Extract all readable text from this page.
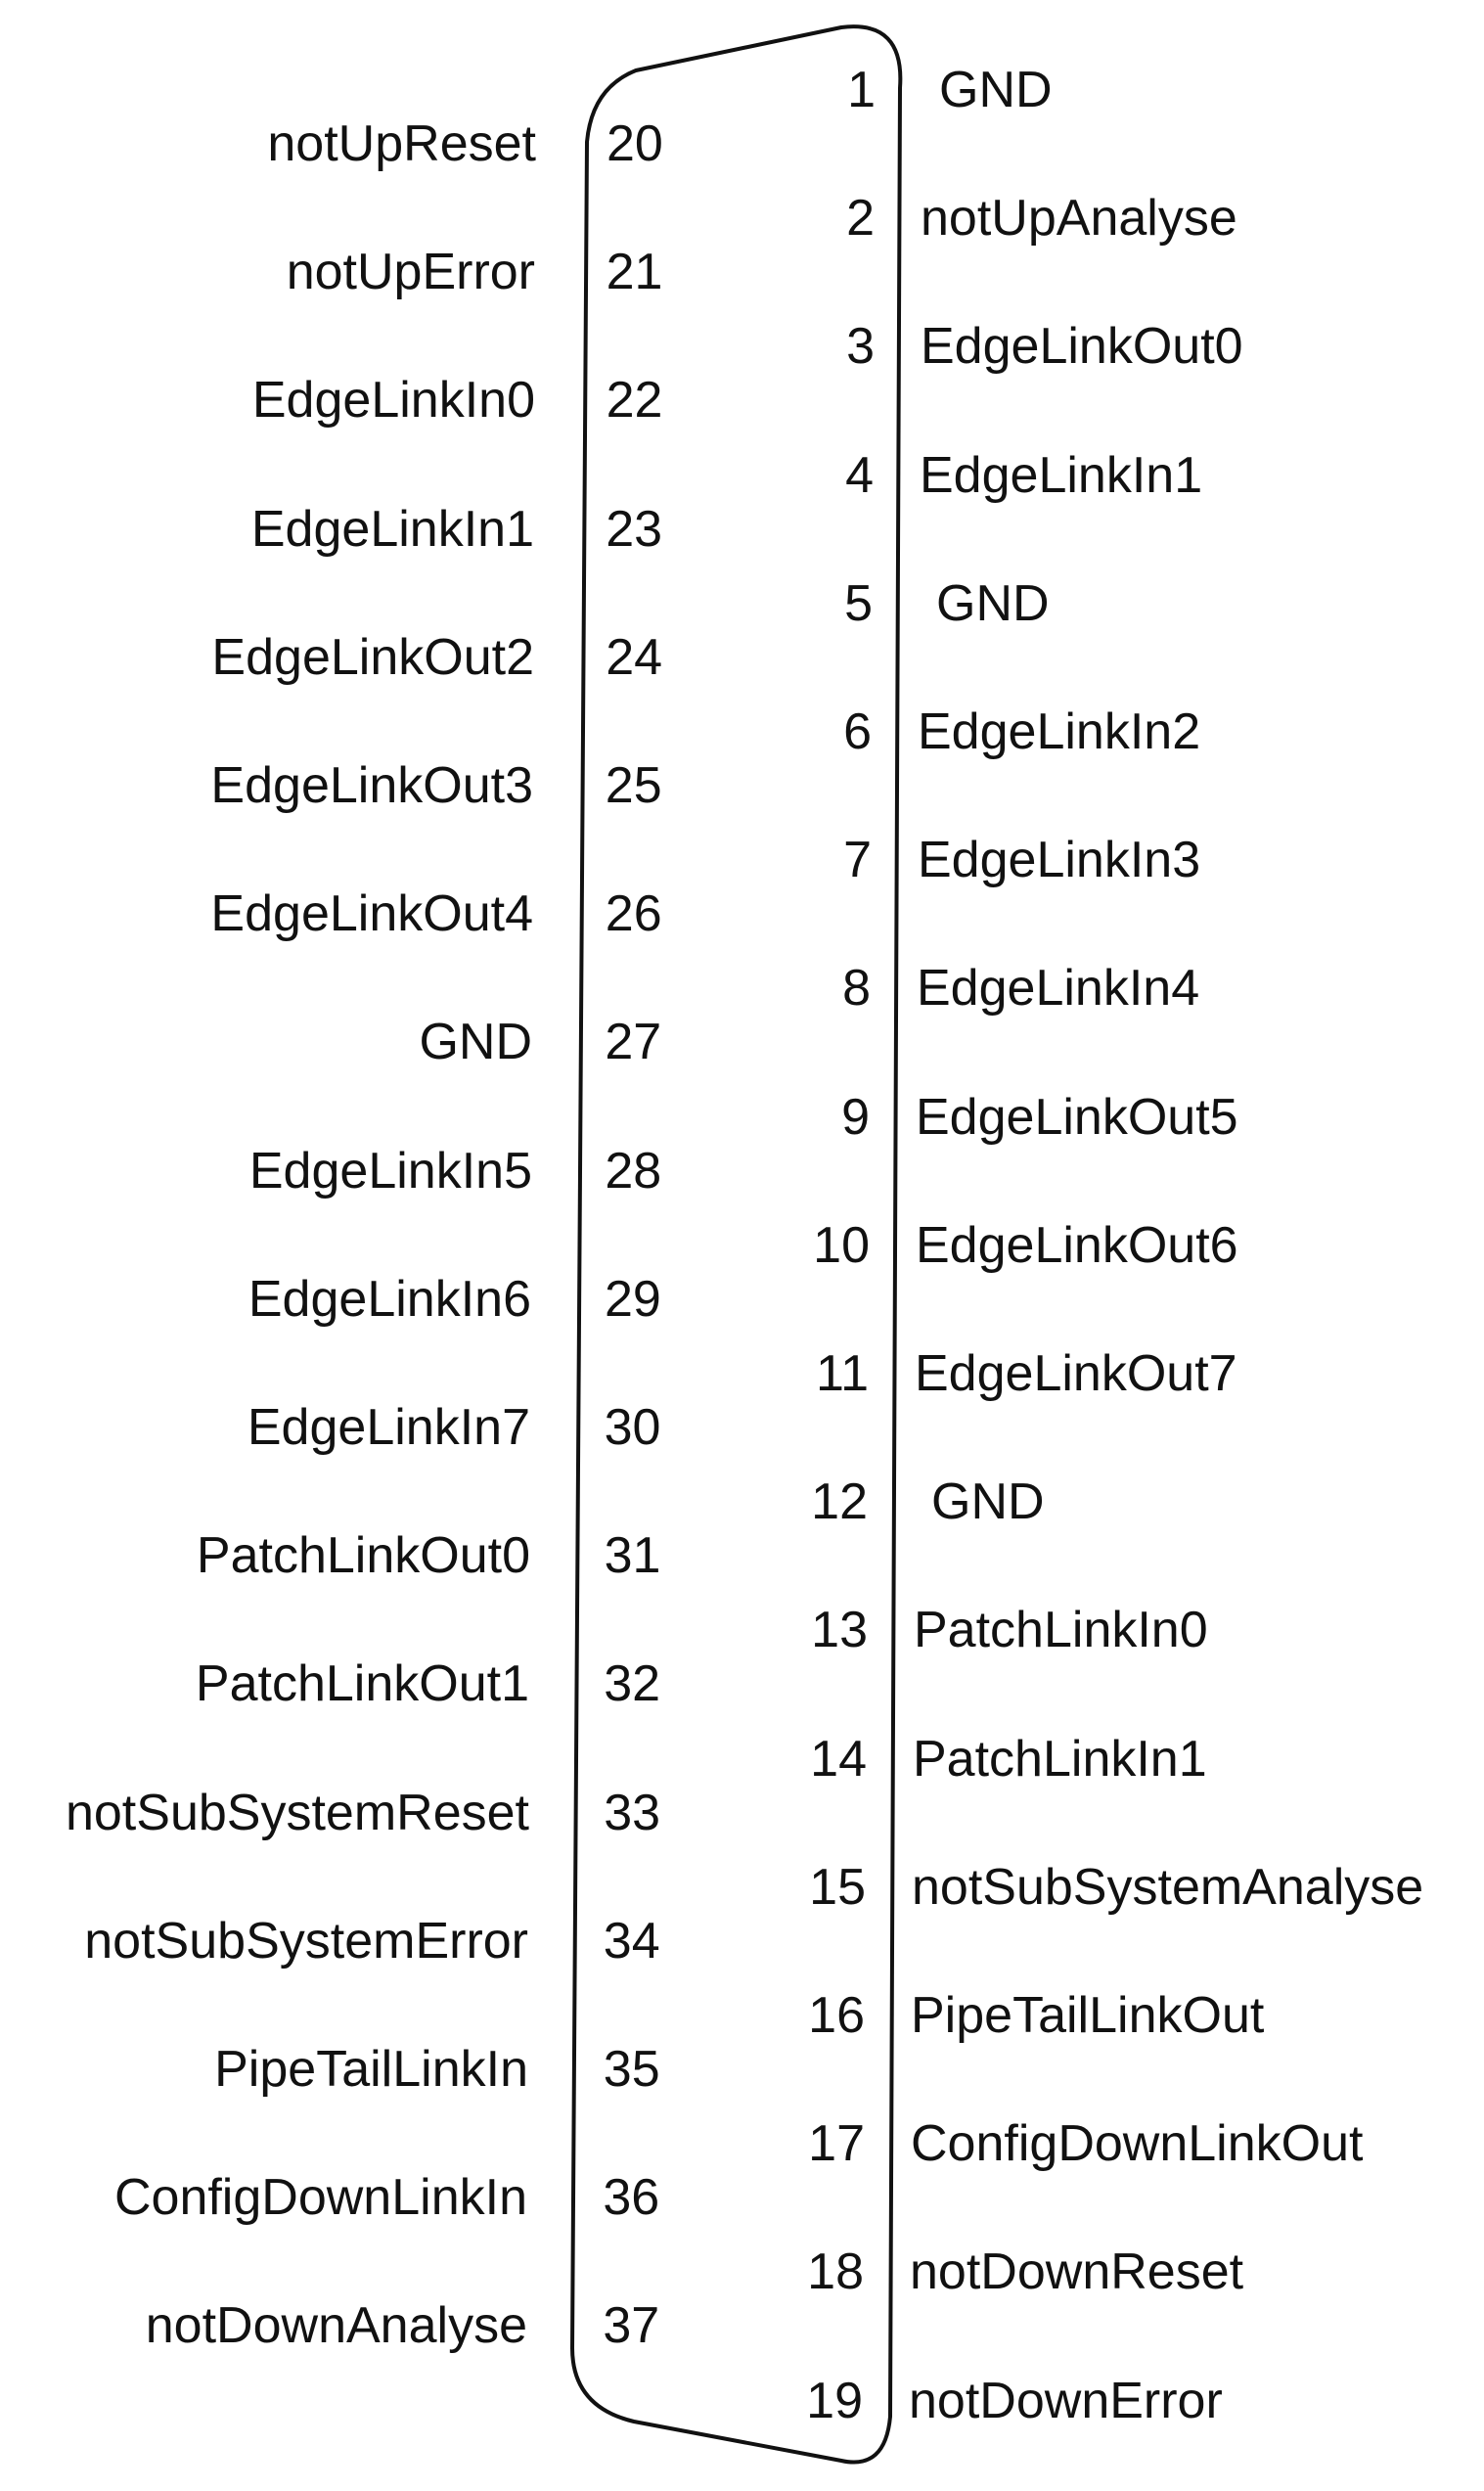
notUpReset 20
notUpError 21
EdgeLinkIn0 22
EdgeLinkIn1 23
EdgeLinkOut2 24
EdgeLinkOut3 25
EdgeLinkOut4 26
GND 27
EdgeLinkIn5 28
EdgeLinkIn6 29
EdgeLinkIn7 30
PatchLinkOut0 31
PatchLinkOut1 32
notSubSystemReset 33
notSubSystemError 34
PipeTailLinkIn 35
ConfigDownLinkIn 36
notDownAnalyse 37
1 GND
2 notUpAnalyse
3 EdgeLinkOut0
4 EdgeLinkIn1
5 GND
6 EdgeLinkIn2
7 EdgeLinkIn3
8 EdgeLinkIn4
9 EdgeLinkOut5
10 EdgeLinkOut6
11 EdgeLinkOut7
12 GND
13 PatchLinkIn0
14 PatchLinkIn1
15 notSubSystemAnalyse
16 PipeTailLinkOut
17 ConfigDownLinkOut
18 notDownReset
19 notDownError
